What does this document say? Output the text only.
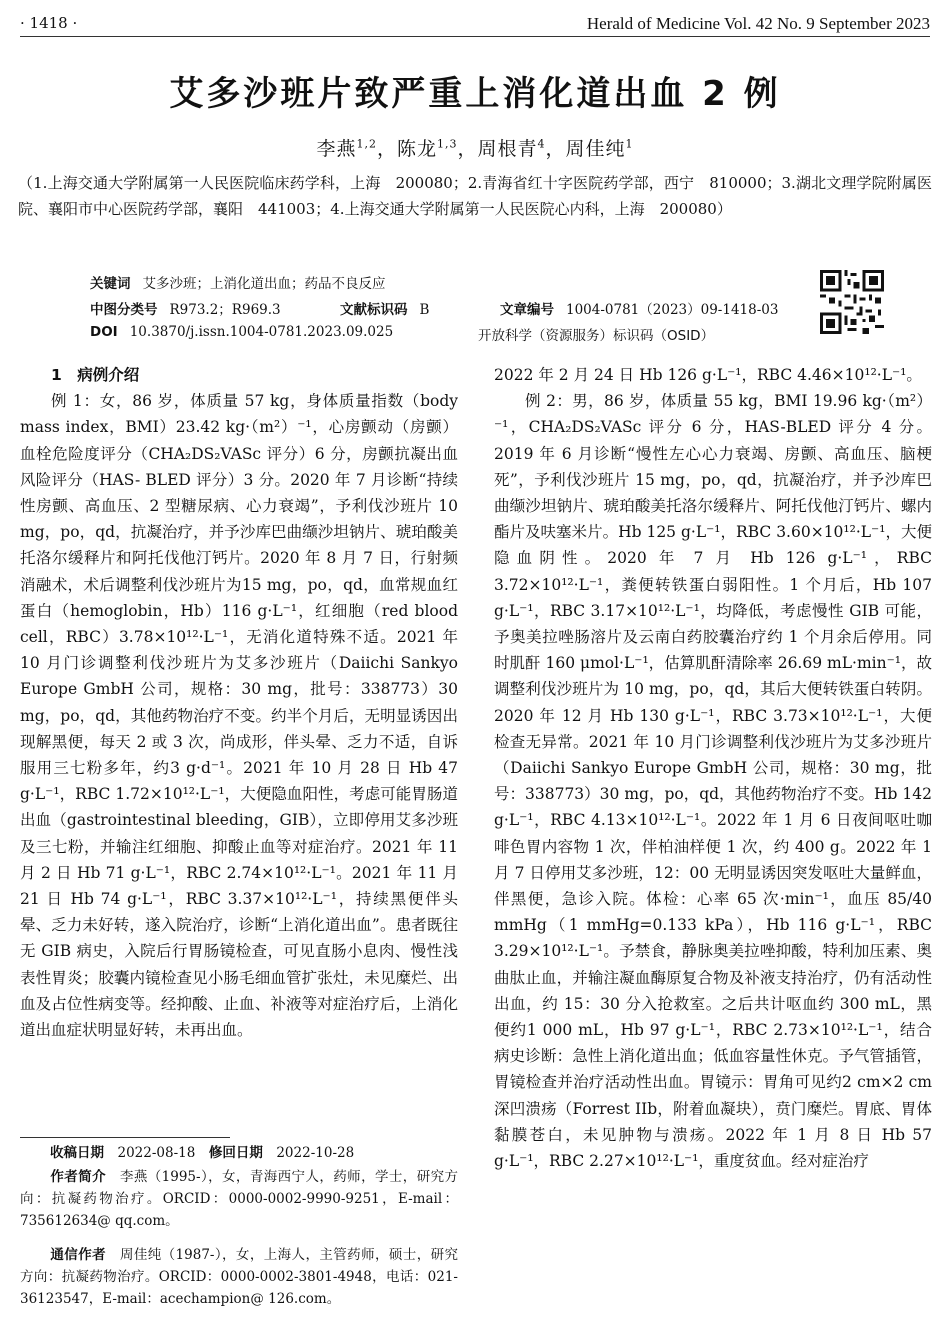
· 1418 ·	Herald of Medicine Vol. 42 No. 9 September 2023
艾多沙班片致严重上消化道出血 2 例
李燕$^{1,2}$，陈龙$^{1,3}$，周根青$^4$，周佳纯$^1$
（1.上海交通大学附属第一人民医院临床药学科，上海　200080；2.青海省红十字医院药学部，西宁　810000；3.湖北文理学院附属医院、襄阳市中心医院药学部，襄阳　441003；4.上海交通大学附属第一人民医院心内科，上海　200080）
关键词 艾多沙班；上消化道出血；药品不良反应
中图分类号 R973.2；R969.3	文献标识码 B	文章编号 1004-0781（2023）09-1418-03
DOI 10.3870/j.issn.1004-0781.2023.09.025	开放科学（资源服务）标识码（OSID）

1　病例介绍

例 1：女，86 岁，体质量 57 kg，身体质量指数（body mass index，BMI）23.42 kg·（m²）⁻¹，心房颤动（房颤）血栓危险度评分（CHA₂DS₂VASc 评分）6 分，房颤抗凝出血风险评分（HAS- BLED 评分）3 分。2020 年 7 月诊断“持续性房颤、高血压、2 型糖尿病、心力衰竭”，予利伐沙班片 10 mg，po，qd，抗凝治疗，并予沙库巴曲缬沙坦钠片、琥珀酸美托洛尔缓释片和阿托伐他汀钙片。2020 年 8 月 7 日，行射频消融术，术后调整利伐沙班片为15 mg，po，qd，血常规血红蛋白（hemoglobin，Hb）116 g·L⁻¹，红细胞（red blood cell，RBC）3.78×10¹²·L⁻¹，无消化道特殊不适。2021 年 10 月门诊调整利伐沙班片为艾多沙班片（Daiichi Sankyo Europe GmbH 公司，规格：30 mg，批号：338773）30 mg，po，qd，其他药物治疗不变。约半个月后，无明显诱因出现解黑便，每天 2 或 3 次，尚成形，伴头晕、乏力不适，自诉服用三七粉多年，约3 g·d⁻¹。2021 年 10 月 28 日 Hb 47 g·L⁻¹，RBC 1.72×10¹²·L⁻¹，大便隐血阳性，考虑可能胃肠道出血（gastrointestinal bleeding，GIB），立即停用艾多沙班及三七粉，并输注红细胞、抑酸止血等对症治疗。2021 年 11 月 2 日 Hb 71 g·L⁻¹，RBC 2.74×10¹²·L⁻¹。2021 年 11 月 21 日 Hb 74 g·L⁻¹，RBC 3.37×10¹²·L⁻¹，持续黑便伴头晕、乏力未好转，遂入院治疗，诊断“上消化道出血”。患者既往无 GIB 病史，入院后行胃肠镜检查，可见直肠小息肉、慢性浅表性胃炎；胶囊内镜检查见小肠毛细血管扩张灶，未见糜烂、出血及占位性病变等。经抑酸、止血、补液等对症治疗后，上消化道出血症状明显好转，未再出血。

2022 年 2 月 24 日 Hb 126 g·L⁻¹，RBC 4.46×10¹²·L⁻¹。

例 2：男，86 岁，体质量 55 kg，BMI 19.96 kg·（m²）⁻¹，CHA₂DS₂VASc 评分 6 分，HAS-BLED 评分 4 分。2019 年 6 月诊断“慢性左心心力衰竭、房颤、高血压、脑梗死”，予利伐沙班片 15 mg，po，qd，抗凝治疗，并予沙库巴曲缬沙坦钠片、琥珀酸美托洛尔缓释片、阿托伐他汀钙片、螺内酯片及呋塞米片。Hb 125 g·L⁻¹，RBC 3.60×10¹²·L⁻¹，大便隐血阴性。2020 年 7 月 Hb 126 g·L⁻¹，RBC 3.72×10¹²·L⁻¹，粪便转铁蛋白弱阳性。1 个月后，Hb 107 g·L⁻¹，RBC 3.17×10¹²·L⁻¹，均降低，考虑慢性 GIB 可能，予奥美拉唑肠溶片及云南白药胶囊治疗约 1 个月余后停用。同时肌酐 160 μmol·L⁻¹，估算肌酐清除率 26.69 mL·min⁻¹，故调整利伐沙班片为 10 mg，po，qd，其后大便转铁蛋白转阴。2020 年 12 月 Hb 130 g·L⁻¹，RBC 3.73×10¹²·L⁻¹，大便检查无异常。2021 年 10 月门诊调整利伐沙班片为艾多沙班片（Daiichi Sankyo Europe GmbH 公司，规格：30 mg，批号：338773）30 mg，po，qd，其他药物治疗不变。Hb 142 g·L⁻¹，RBC 4.13×10¹²·L⁻¹。2022 年 1 月 6 日夜间呕吐咖啡色胃内容物 1 次，伴柏油样便 1 次，约 400 g。2022 年 1 月 7 日停用艾多沙班，12：00 无明显诱因突发呕吐大量鲜血，伴黑便，急诊入院。体检：心率 65 次·min⁻¹，血压 85/40 mmHg（1 mmHg=0.133 kPa），Hb 116 g·L⁻¹，RBC 3.29×10¹²·L⁻¹。予禁食，静脉奥美拉唑抑酸，特利加压素、奥曲肽止血，并输注凝血酶原复合物及补液支持治疗，仍有活动性出血，约 15：30 分入抢救室。之后共计呕血约 300 mL，黑便约1 000 mL，Hb 97 g·L⁻¹，RBC 2.73×10¹²·L⁻¹，结合病史诊断：急性上消化道出血；低血容量性休克。予气管插管，胃镜检查并治疗活动性出血。胃镜示：胃角可见约2 cm×2 cm 深凹溃疡（Forrest IIb，附着血凝块），贲门糜烂。胃底、胃体黏膜苍白，未见肿物与溃疡。2022 年 1 月 8 日 Hb 57 g·L⁻¹，RBC 2.27×10¹²·L⁻¹，重度贫血。经对症治疗

收稿日期　 2022-08-18　 修回日期　 2022-10-28
作者简介　 李燕（1995-），女，青海西宁人，药师，学士，研究方向：抗凝药物治疗。ORCID：0000-0002-9990-9251，E-mail：735612634@ qq.com。
通信作者　 周佳纯（1987-），女，上海人，主管药师，硕士，研究方向：抗凝药物治疗。ORCID：0000-0002-3801-4948，电话：021-36123547，E-mail：acechampion@ 126.com。
